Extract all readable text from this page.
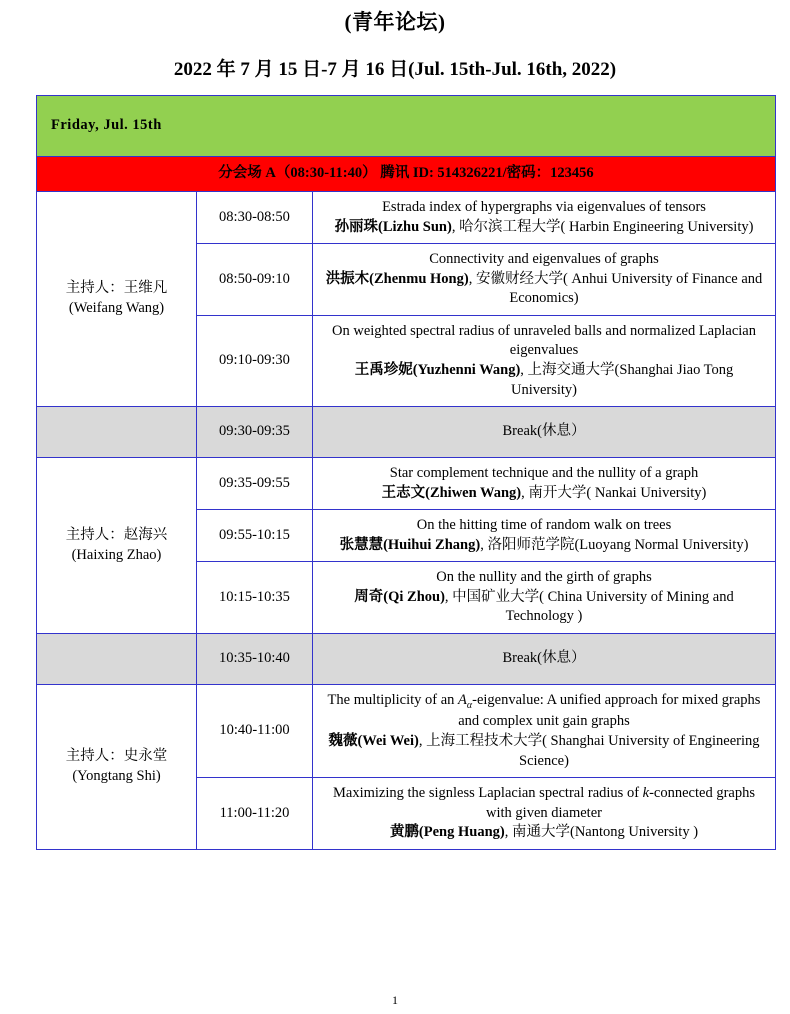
(青年论坛)
2022 年 7 月 15 日-7 月 16 日(Jul. 15th-Jul. 16th, 2022)
Friday, Jul. 15th		
分会场 A（08:30-11:40） 腾讯 ID: 514326221/密码：123456		
主持人：王维凡
(Weifang Wang)	08:30-08:50	Estrada index of hypergraphs via eigenvalues of tensors
孙丽珠(Lizhu Sun), 哈尔滨工程大学( Harbin Engineering University)

	08:50-09:10	Connectivity and eigenvalues of graphs
洪振木(Zhenmu Hong), 安徽财经大学( Anhui University of Finance and Economics)

	09:10-09:30	On weighted spectral radius of unraveled balls and normalized Laplacian eigenvalues
王禹珍妮(Yuzhenni Wang), 上海交通大学(Shanghai Jiao Tong University)

	09:30-09:35	Break(休息）
主持人：赵海兴
(Haixing Zhao)	09:35-09:55	Star complement technique and the nullity of a graph
王志文(Zhiwen Wang), 南开大学( Nankai University)

	09:55-10:15	On the hitting time of random walk on trees
张慧慧(Huihui Zhang), 洛阳师范学院(Luoyang Normal University)

	10:15-10:35	On the nullity and the girth of graphs
周奇(Qi Zhou), 中国矿业大学( China University of Mining and Technology )

	10:35-10:40	Break(休息）
主持人：史永堂
(Yongtang Shi)	10:40-11:00	The multiplicity of an $A_\alpha$-eigenvalue: A unified approach for mixed graphs and complex unit gain graphs
魏薇(Wei Wei), 上海工程技术大学( Shanghai University of Engineering Science)

	11:00-11:20	Maximizing the signless Laplacian spectral radius of k-connected graphs with given diameter
黄鹏(Peng Huang), 南通大学(Nantong University )
1
